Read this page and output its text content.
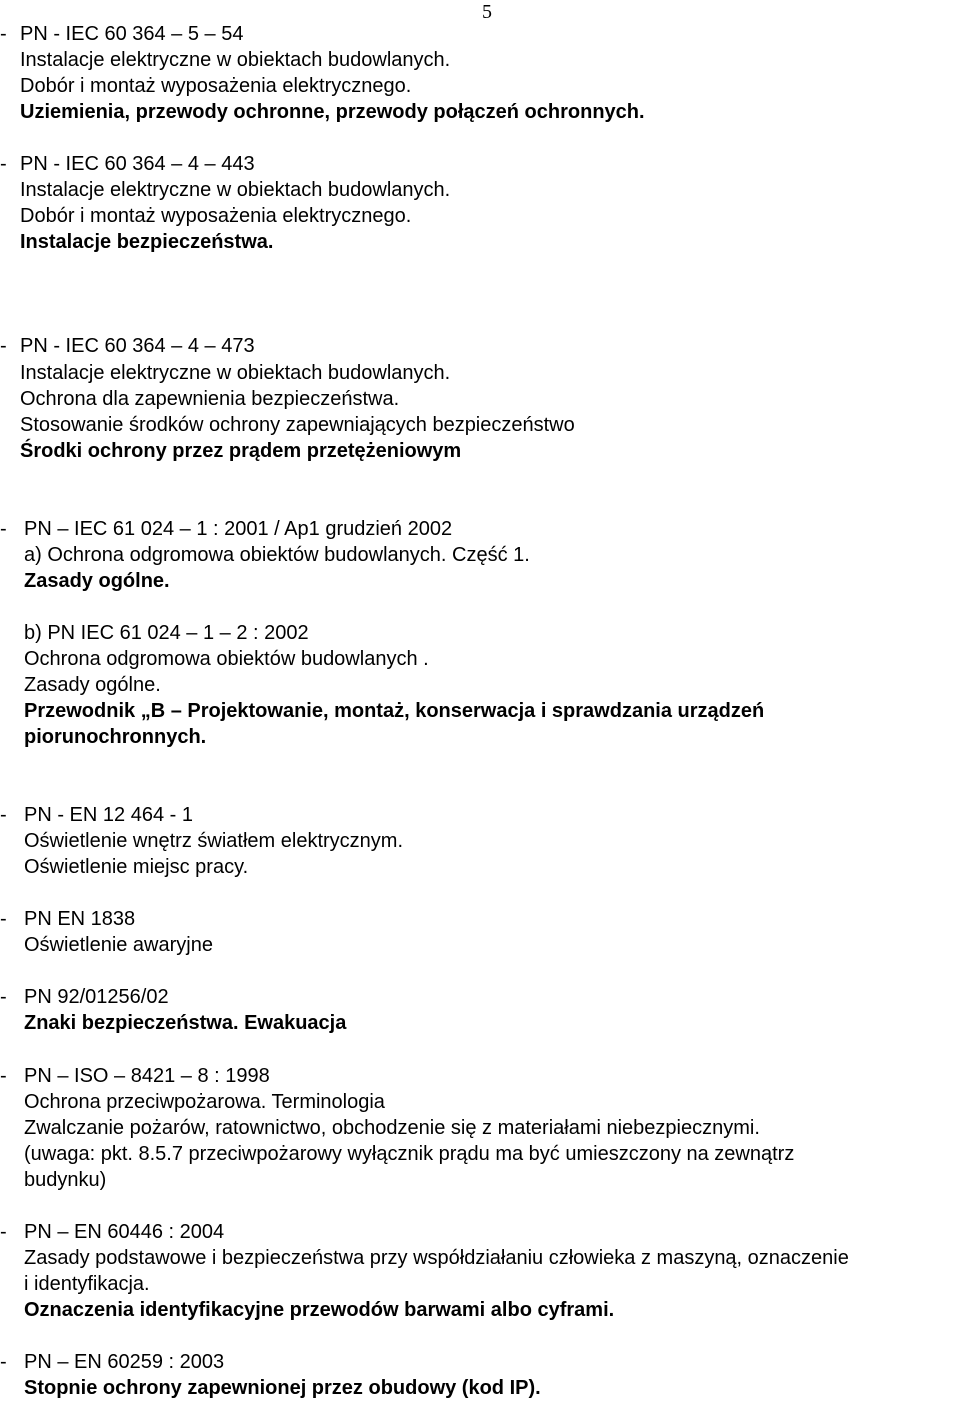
5
- PN - IEC 60 364 – 5 – 54
Instalacje elektryczne w obiektach budowlanych.
Dobór i montaż wyposażenia elektrycznego.
Uziemienia, przewody ochronne, przewody połączeń ochronnych.
- PN - IEC 60 364 – 4 – 443
Instalacje elektryczne w obiektach budowlanych.
Dobór i montaż wyposażenia elektrycznego.
Instalacje bezpieczeństwa.
- PN - IEC 60 364 – 4 – 473
Instalacje elektryczne w obiektach budowlanych.
Ochrona dla zapewnienia bezpieczeństwa.
Stosowanie środków ochrony zapewniających bezpieczeństwo
Środki ochrony przez prądem przetężeniowym
- PN – IEC 61 024 – 1 : 2001 / Ap1 grudzień 2002
a) Ochrona odgromowa obiektów budowlanych. Część 1.
Zasady ogólne.
b) PN IEC 61 024 – 1 – 2 : 2002
Ochrona odgromowa obiektów budowlanych .
Zasady ogólne.
Przewodnik „B – Projektowanie, montaż, konserwacja i sprawdzania urządzeń
piorunochronnych.
- PN - EN 12 464 - 1
Oświetlenie wnętrz światłem elektrycznym.
Oświetlenie miejsc pracy.
- PN EN 1838
Oświetlenie awaryjne
- PN 92/01256/02
Znaki bezpieczeństwa. Ewakuacja
- PN – ISO – 8421 – 8 : 1998
Ochrona przeciwpożarowa. Terminologia
Zwalczanie pożarów, ratownictwo, obchodzenie się z materiałami niebezpiecznymi.
(uwaga: pkt. 8.5.7 przeciwpożarowy wyłącznik prądu ma być umieszczony na zewnątrz
budynku)
- PN – EN 60446 : 2004
Zasady podstawowe i bezpieczeństwa przy współdziałaniu człowieka z maszyną, oznaczenie
i identyfikacja.
Oznaczenia identyfikacyjne przewodów barwami albo cyframi.
- PN – EN 60259 : 2003
Stopnie ochrony zapewnionej przez obudowy (kod IP).
